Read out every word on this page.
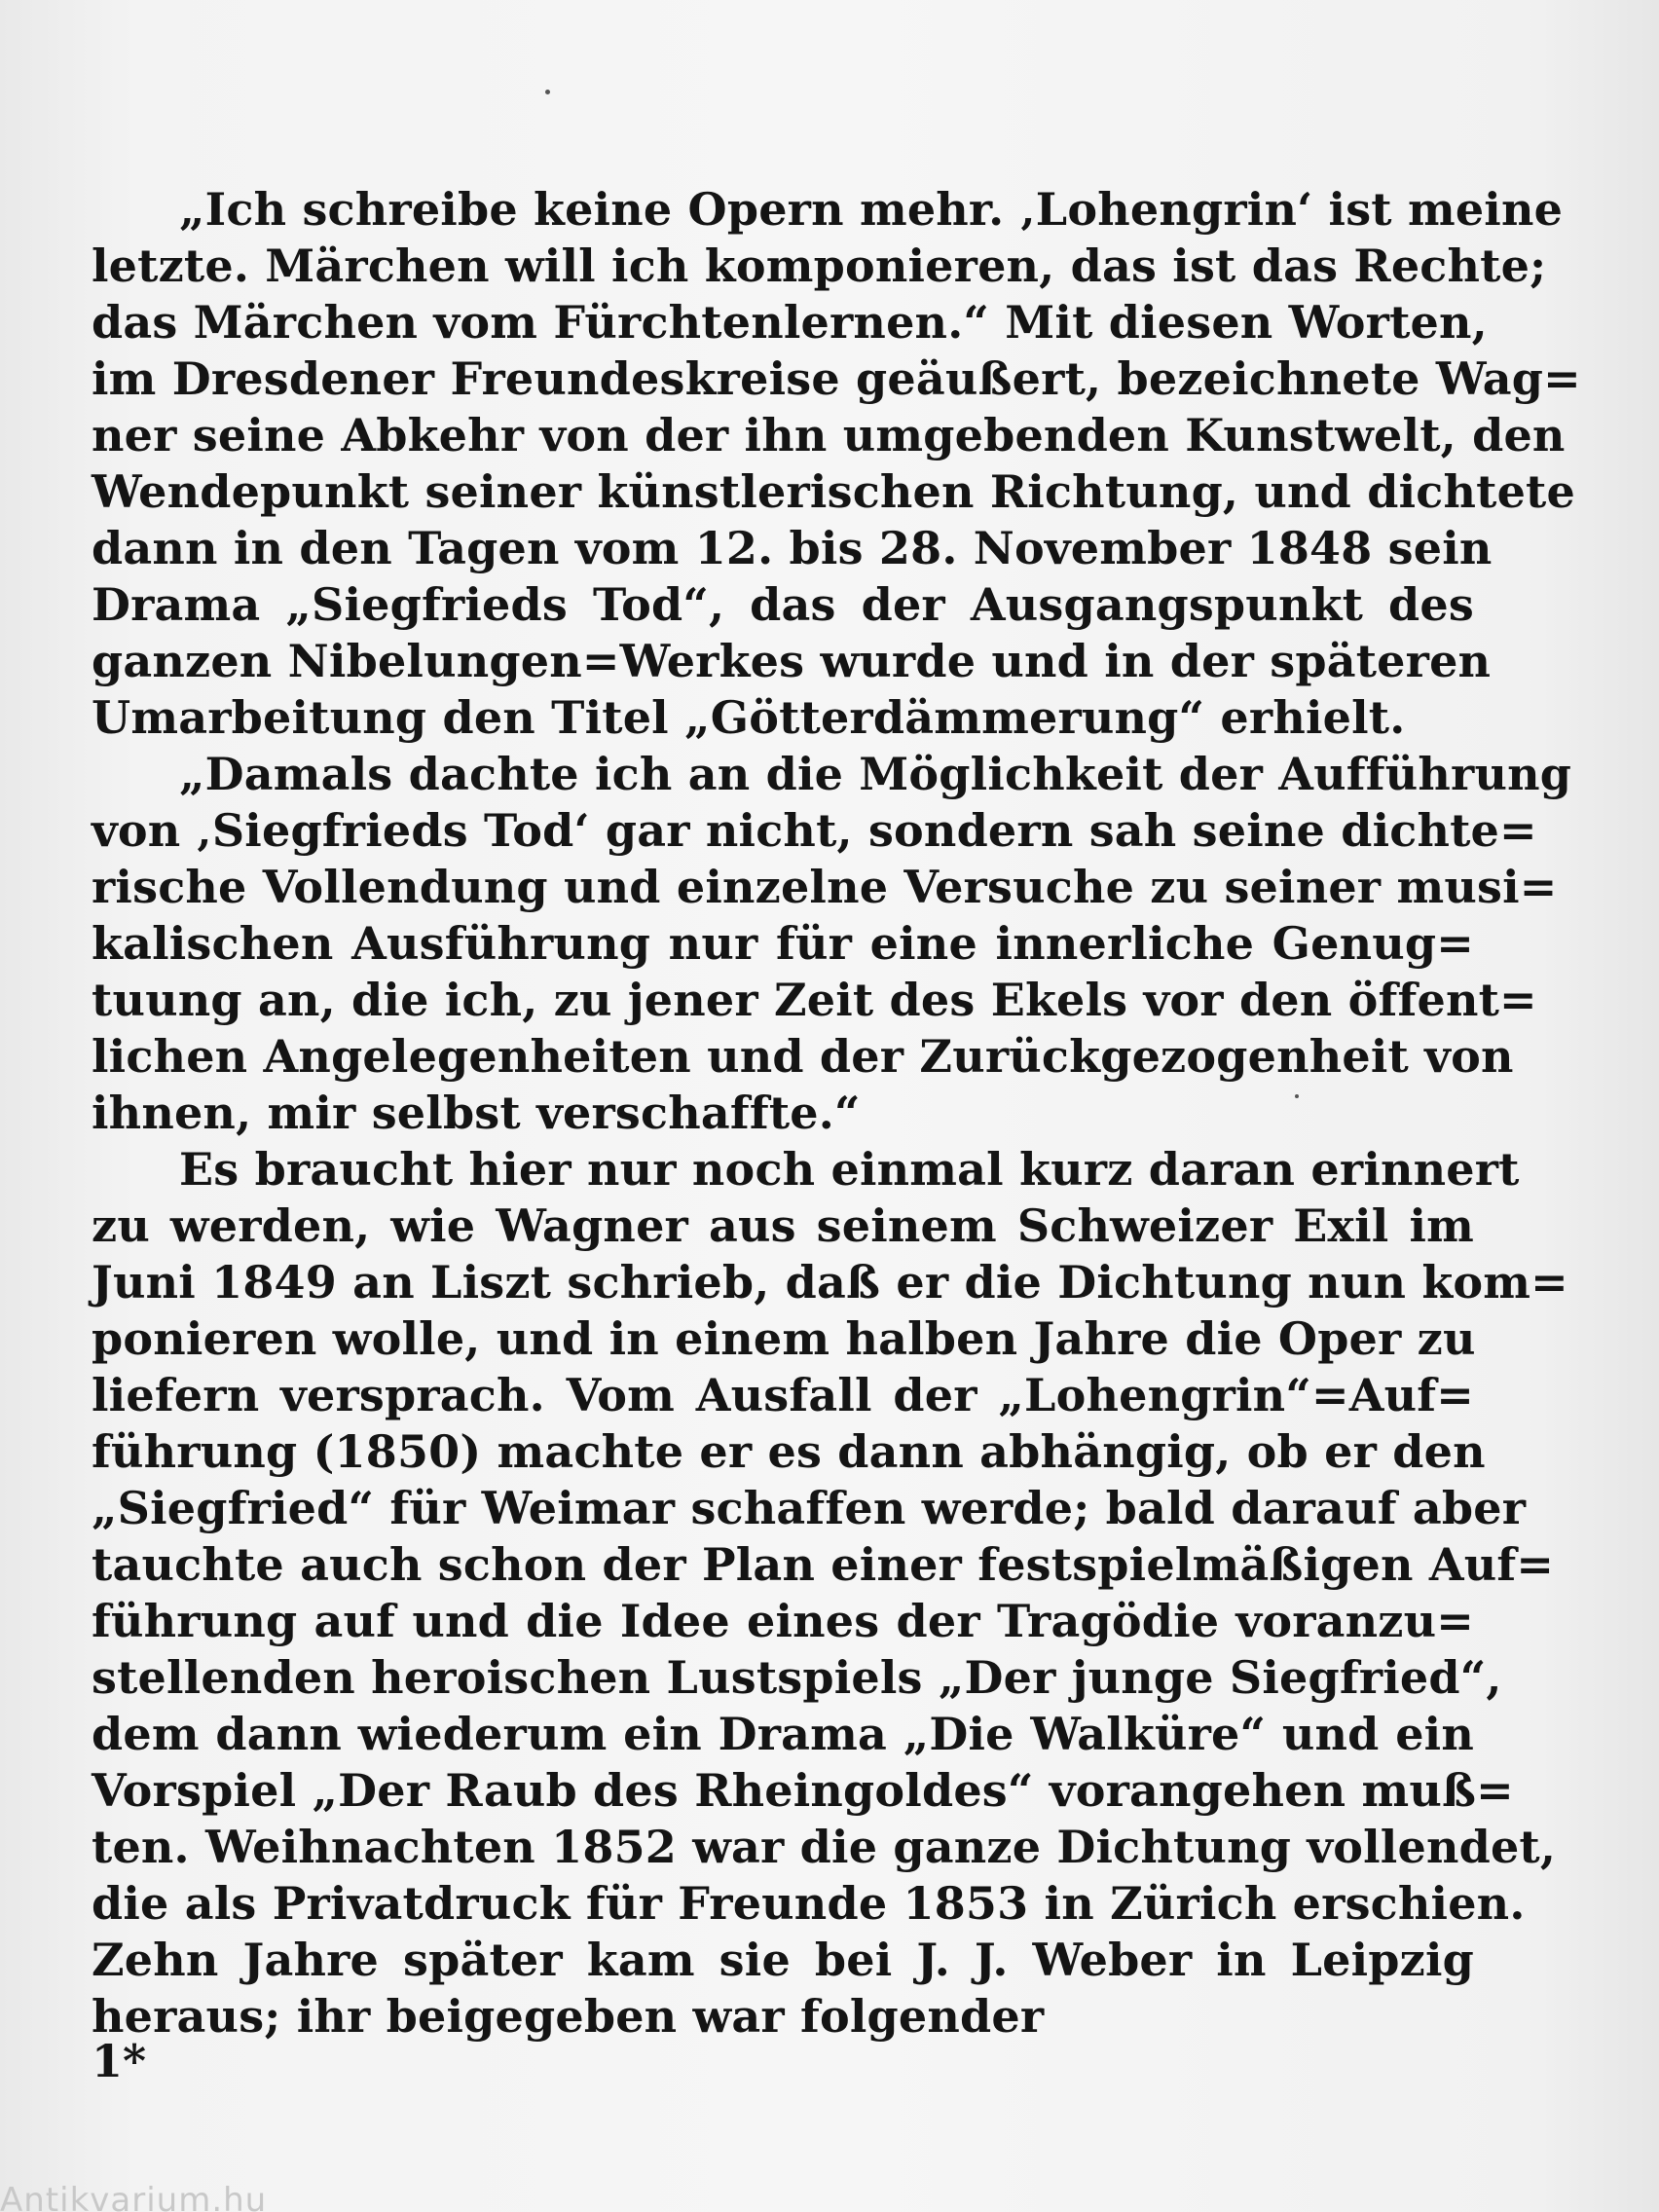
„Ich schreibe keine Opern mehr. ‚Lohengrin‘ ist meine
letzte. Märchen will ich komponieren, das ist das Rechte;
das Märchen vom Fürchtenlernen.“ Mit diesen Worten,
im Dresdener Freundeskreise geäußert, bezeichnete Wag=
ner seine Abkehr von der ihn umgebenden Kunstwelt, den
Wendepunkt seiner künstlerischen Richtung, und dichtete
dann in den Tagen vom 12. bis 28. November 1848 sein
Drama „Siegfrieds Tod“, das der Ausgangspunkt des
ganzen Nibelungen=Werkes wurde und in der späteren
Umarbeitung den Titel „Götterdämmerung“ erhielt.
„Damals dachte ich an die Möglichkeit der Aufführung
von ‚Siegfrieds Tod‘ gar nicht, sondern sah seine dichte=
rische Vollendung und einzelne Versuche zu seiner musi=
kalischen Ausführung nur für eine innerliche Genug=
tuung an, die ich, zu jener Zeit des Ekels vor den öffent=
lichen Angelegenheiten und der Zurückgezogenheit von
ihnen, mir selbst verschaffte.“
Es braucht hier nur noch einmal kurz daran erinnert
zu werden, wie Wagner aus seinem Schweizer Exil im
Juni 1849 an Liszt schrieb, daß er die Dichtung nun kom=
ponieren wolle, und in einem halben Jahre die Oper zu
liefern versprach. Vom Ausfall der „Lohengrin“=Auf=
führung (1850) machte er es dann abhängig, ob er den
„Siegfried“ für Weimar schaffen werde; bald darauf aber
tauchte auch schon der Plan einer festspielmäßigen Auf=
führung auf und die Idee eines der Tragödie voranzu=
stellenden heroischen Lustspiels „Der junge Siegfried“,
dem dann wiederum ein Drama „Die Walküre“ und ein
Vorspiel „Der Raub des Rheingoldes“ vorangehen muß=
ten. Weihnachten 1852 war die ganze Dichtung vollendet,
die als Privatdruck für Freunde 1853 in Zürich erschien.
Zehn Jahre später kam sie bei J. J. Weber in Leipzig
heraus; ihr beigegeben war folgender
1*
Antikvarium.hu
